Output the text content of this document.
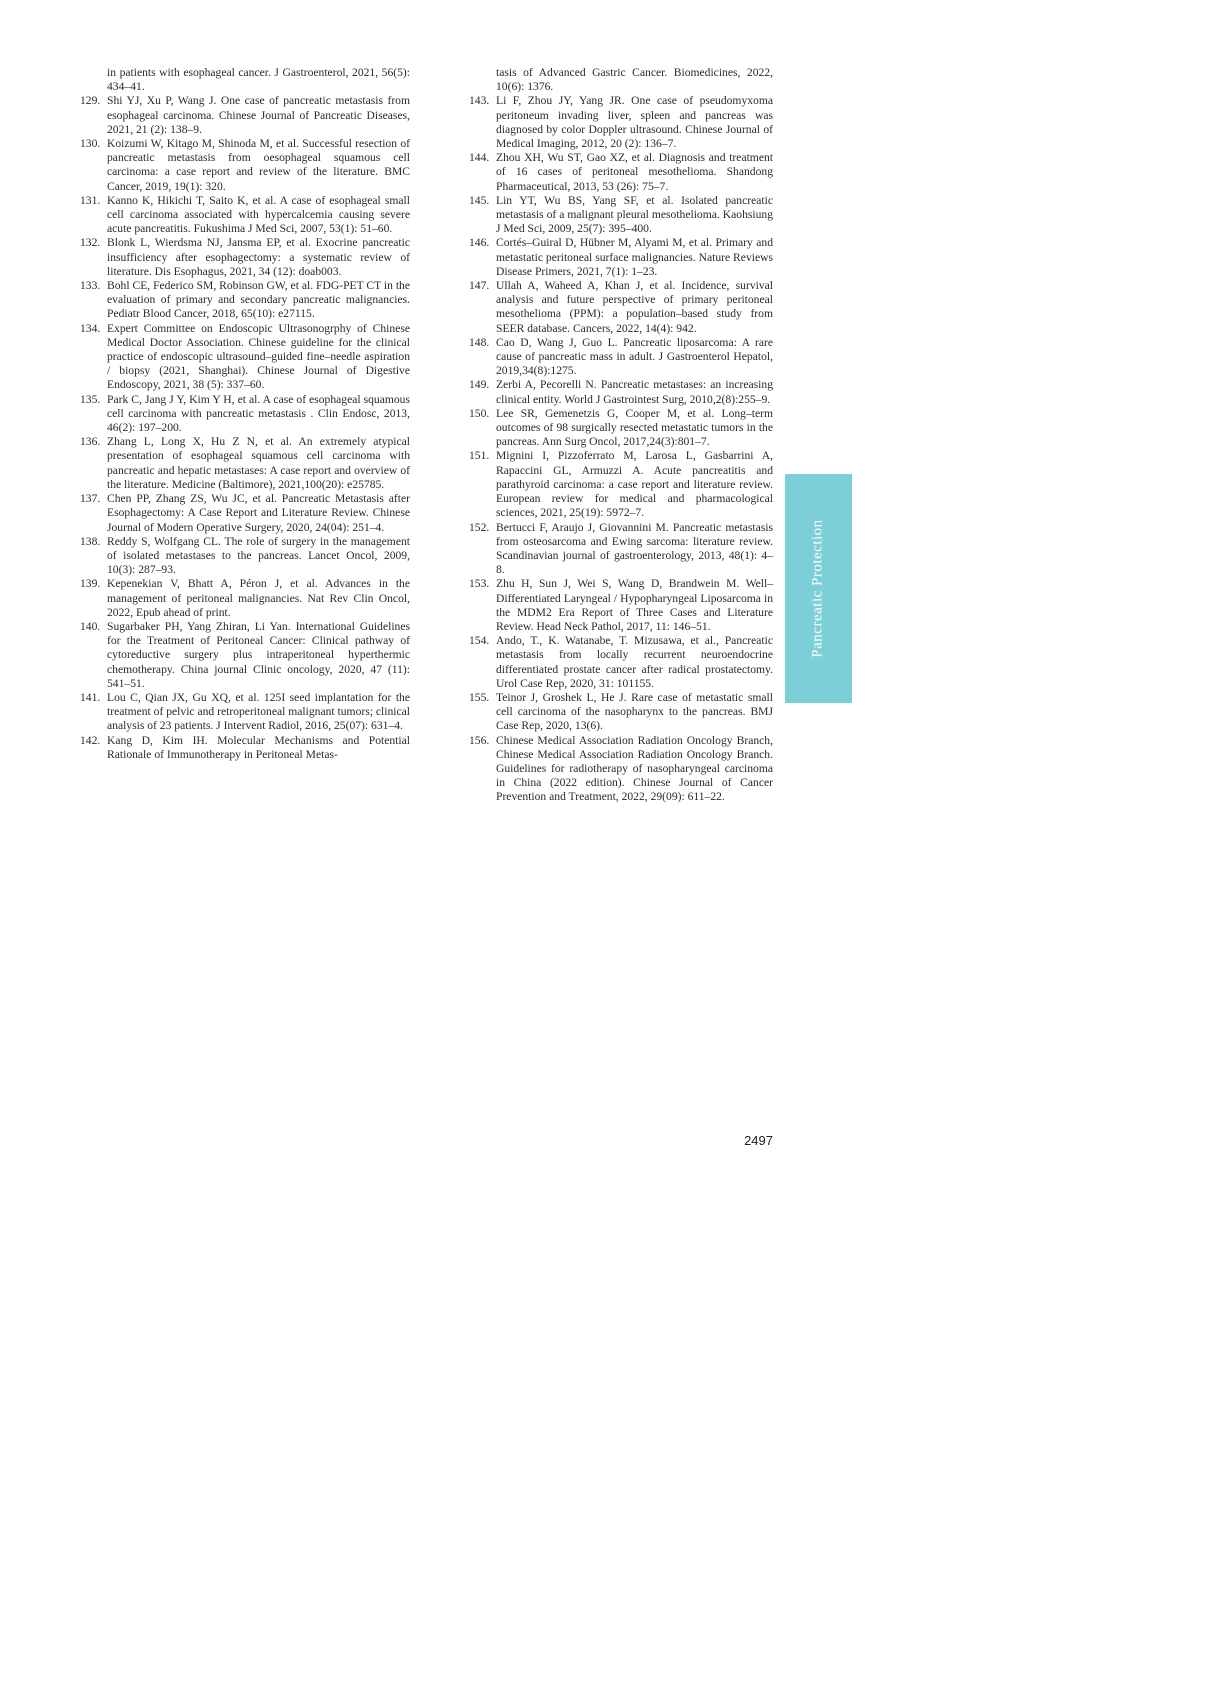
in patients with esophageal cancer. J Gastroenterol, 2021, 56(5): 434–41.
129. Shi YJ, Xu P, Wang J. One case of pancreatic metastasis from esophageal carcinoma. Chinese Journal of Pancreatic Diseases, 2021, 21 (2): 138–9.
130. Koizumi W, Kitago M, Shinoda M, et al. Successful resection of pancreatic metastasis from oesophageal squamous cell carcinoma: a case report and review of the literature. BMC Cancer, 2019, 19(1): 320.
131. Kanno K, Hikichi T, Saito K, et al. A case of esophageal small cell carcinoma associated with hypercalcemia causing severe acute pancreatitis. Fukushima J Med Sci, 2007, 53(1): 51–60.
132. Blonk L, Wierdsma NJ, Jansma EP, et al. Exocrine pancreatic insufficiency after esophagectomy: a systematic review of literature. Dis Esophagus, 2021, 34 (12): doab003.
133. Bohl CE, Federico SM, Robinson GW, et al. FDG-PET CT in the evaluation of primary and secondary pancreatic malignancies. Pediatr Blood Cancer, 2018, 65(10): e27115.
134. Expert Committee on Endoscopic Ultrasonogrphy of Chinese Medical Doctor Association. Chinese guideline for the clinical practice of endoscopic ultrasound–guided fine–needle aspiration / biopsy (2021, Shanghai). Chinese Journal of Digestive Endoscopy, 2021, 38 (5): 337–60.
135. Park C, Jang J Y, Kim Y H, et al. A case of esophageal squamous cell carcinoma with pancreatic metastasis . Clin Endosc, 2013, 46(2): 197–200.
136. Zhang L, Long X, Hu Z N, et al. An extremely atypical presentation of esophageal squamous cell carcinoma with pancreatic and hepatic metastases: A case report and overview of the literature. Medicine (Baltimore), 2021,100(20): e25785.
137. Chen PP, Zhang ZS, Wu JC, et al. Pancreatic Metastasis after Esophagectomy: A Case Report and Literature Review. Chinese Journal of Modern Operative Surgery, 2020, 24(04): 251–4.
138. Reddy S, Wolfgang CL. The role of surgery in the management of isolated metastases to the pancreas. Lancet Oncol, 2009, 10(3): 287–93.
139. Kepenekian V, Bhatt A, Péron J, et al. Advances in the management of peritoneal malignancies. Nat Rev Clin Oncol, 2022, Epub ahead of print.
140. Sugarbaker PH, Yang Zhiran, Li Yan. International Guidelines for the Treatment of Peritoneal Cancer: Clinical pathway of cytoreductive surgery plus intraperitoneal hyperthermic chemotherapy. China journal Clinic oncology, 2020, 47 (11): 541–51.
141. Lou C, Qian JX, Gu XQ, et al. 125I seed implantation for the treatment of pelvic and retroperitoneal malignant tumors; clinical analysis of 23 patients. J Intervent Radiol, 2016, 25(07): 631–4.
142. Kang D, Kim IH. Molecular Mechanisms and Potential Rationale of Immunotherapy in Peritoneal Metas-
tasis of Advanced Gastric Cancer. Biomedicines, 2022, 10(6): 1376.
143. Li F, Zhou JY, Yang JR. One case of pseudomyxoma peritoneum invading liver, spleen and pancreas was diagnosed by color Doppler ultrasound. Chinese Journal of Medical Imaging, 2012, 20 (2): 136–7.
144. Zhou XH, Wu ST, Gao XZ, et al. Diagnosis and treatment of 16 cases of peritoneal mesothelioma. Shandong Pharmaceutical, 2013, 53 (26): 75–7.
145. Lin YT, Wu BS, Yang SF, et al. Isolated pancreatic metastasis of a malignant pleural mesothelioma. Kaohsiung J Med Sci, 2009, 25(7): 395–400.
146. Cortés–Guiral D, Hübner M, Alyami M, et al. Primary and metastatic peritoneal surface malignancies. Nature Reviews Disease Primers, 2021, 7(1): 1–23.
147. Ullah A, Waheed A, Khan J, et al. Incidence, survival analysis and future perspective of primary peritoneal mesothelioma (PPM): a population–based study from SEER database. Cancers, 2022, 14(4): 942.
148. Cao D, Wang J, Guo L. Pancreatic liposarcoma: A rare cause of pancreatic mass in adult. J Gastroenterol Hepatol, 2019,34(8):1275.
149. Zerbi A, Pecorelli N. Pancreatic metastases: an increasing clinical entity. World J Gastrointest Surg, 2010,2(8):255–9.
150. Lee SR, Gemenetzis G, Cooper M, et al. Long–term outcomes of 98 surgically resected metastatic tumors in the pancreas. Ann Surg Oncol, 2017,24(3):801–7.
151. Mignini I, Pizzoferrato M, Larosa L, Gasbarrini A, Rapaccini GL, Armuzzi A. Acute pancreatitis and parathyroid carcinoma: a case report and literature review. European review for medical and pharmacological sciences, 2021, 25(19): 5972–7.
152. Bertucci F, Araujo J, Giovannini M. Pancreatic metastasis from osteosarcoma and Ewing sarcoma: literature review. Scandinavian journal of gastroenterology, 2013, 48(1): 4–8.
153. Zhu H, Sun J, Wei S, Wang D, Brandwein M. Well–Differentiated Laryngeal / Hypopharyngeal Liposarcoma in the MDM2 Era Report of Three Cases and Literature Review. Head Neck Pathol, 2017, 11: 146–51.
154. Ando, T., K. Watanabe, T. Mizusawa, et al., Pancreatic metastasis from locally recurrent neuroendocrine differentiated prostate cancer after radical prostatectomy. Urol Case Rep, 2020, 31: 101155.
155. Teinor J, Groshek L, He J. Rare case of metastatic small cell carcinoma of the nasopharynx to the pancreas. BMJ Case Rep, 2020, 13(6).
156. Chinese Medical Association Radiation Oncology Branch, Chinese Medical Association Radiation Oncology Branch. Guidelines for radiotherapy of nasopharyngeal carcinoma in China (2022 edition). Chinese Journal of Cancer Prevention and Treatment, 2022, 29(09): 611–22.
Pancreatic Protection
2497
